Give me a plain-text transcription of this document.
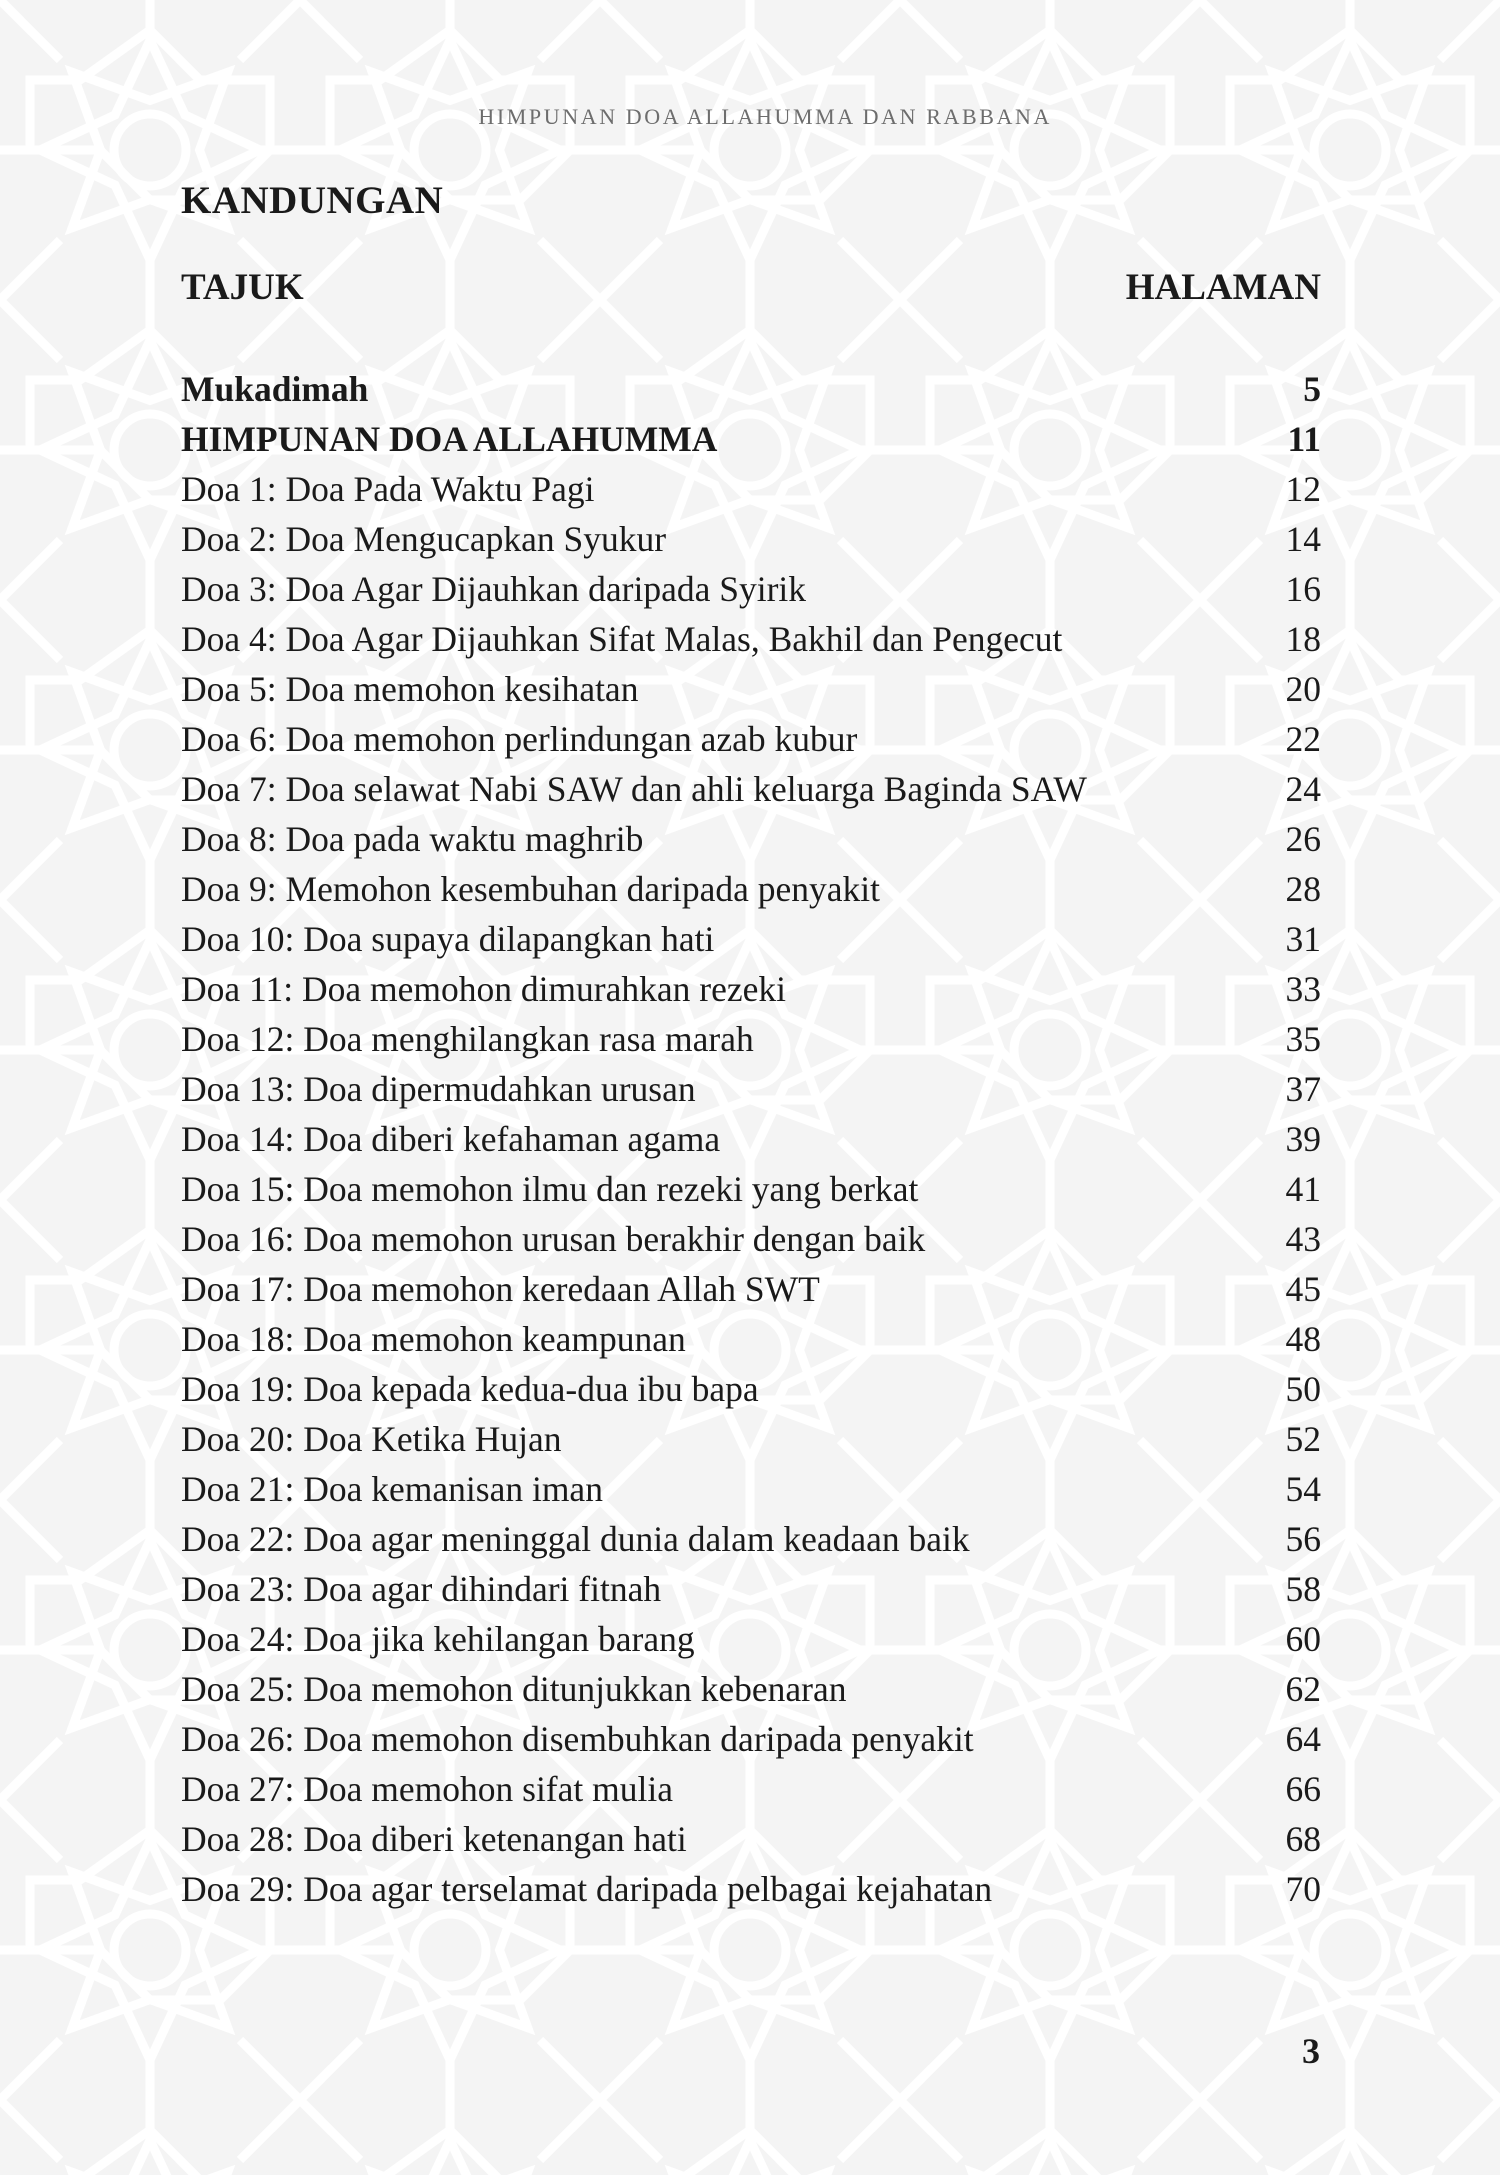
HIMPUNAN DOA ALLAHUMMA DAN RABBANA
KANDUNGAN
TAJUK	HALAMAN
Mukadimah	5
HIMPUNAN DOA ALLAHUMMA	11
Doa 1: Doa Pada Waktu Pagi	12
Doa 2: Doa Mengucapkan Syukur	14
Doa 3: Doa Agar Dijauhkan daripada Syirik	16
Doa 4: Doa Agar Dijauhkan Sifat Malas, Bakhil dan Pengecut	18
Doa 5: Doa memohon kesihatan	20
Doa 6: Doa memohon perlindungan azab kubur	22
Doa 7: Doa selawat Nabi SAW dan ahli keluarga Baginda SAW	24
Doa 8: Doa pada waktu maghrib	26
Doa 9: Memohon kesembuhan daripada penyakit	28
Doa 10: Doa supaya dilapangkan hati	31
Doa 11: Doa memohon dimurahkan rezeki	33
Doa 12: Doa menghilangkan rasa marah	35
Doa 13: Doa dipermudahkan urusan	37
Doa 14: Doa diberi kefahaman agama	39
Doa 15: Doa memohon ilmu dan rezeki yang berkat	41
Doa 16: Doa memohon urusan berakhir dengan baik	43
Doa 17: Doa memohon keredaan Allah SWT	45
Doa 18: Doa memohon keampunan	48
Doa 19: Doa kepada kedua-dua ibu bapa	50
Doa 20: Doa Ketika Hujan	52
Doa 21: Doa kemanisan iman	54
Doa 22: Doa agar meninggal dunia dalam keadaan baik	56
Doa 23: Doa agar dihindari fitnah	58
Doa 24: Doa jika kehilangan barang	60
Doa 25: Doa memohon ditunjukkan kebenaran	62
Doa 26: Doa memohon disembuhkan daripada penyakit	64
Doa 27: Doa memohon sifat mulia	66
Doa 28: Doa diberi ketenangan hati	68
Doa 29: Doa agar terselamat daripada pelbagai kejahatan	70
3
